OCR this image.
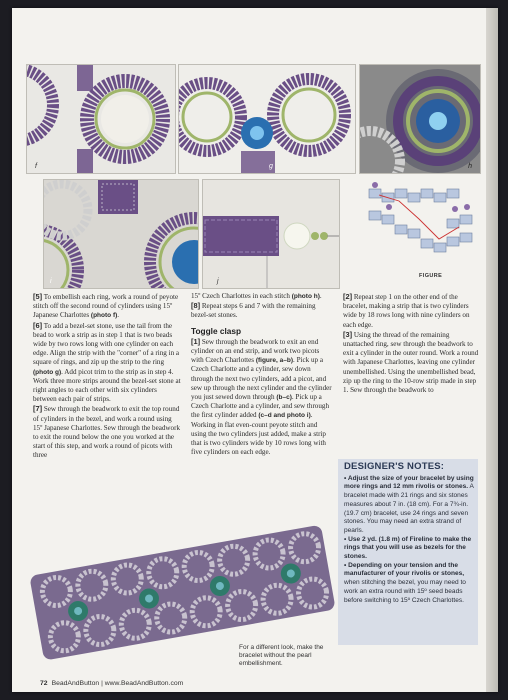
f	g	h
i	j
FIGURE

[5] To embellish each ring, work a round of peyote stitch off the second round of cylinders using 15º Japanese Charlottes (photo f).

[6] To add a bezel-set stone, use the tail from the bead to work a strip as in step 1 that is two beads wide by two rows long with one cylinder on each edge. Align the strip with the "corner" of a ring in a square of rings, and zip up the strip to the ring (photo g). Add picot trim to the strip as in step 4. Work three more strips around the bezel-set stone at right angles to each other with six cylinders between each pair of strips.

[7] Sew through the beadwork to exit the top round of cylinders in the bezel, and work a round using 15º Japanese Charlottes. Sew through the beadwork to exit the round below the one you worked at the start of this step, and work a round of picots with three

15º Czech Charlottes in each stitch (photo h).

[8] Repeat steps 6 and 7 with the remaining bezel-set stones.

Toggle clasp

[1] Sew through the beadwork to exit an end cylinder on an end strip, and work two picots with Czech Charlottes (figure, a–b). Pick up a Czech Charlotte and a cylinder, sew down through the next two cylinders, add a picot, and sew up through the next cylinder and the cylinder you just sewed down through (b–c). Pick up a Czech Charlotte and a cylinder, and sew through the first cylinder added (c–d and photo i). Working in flat even-count peyote stitch and using the two cylinders just added, make a strip that is two cylinders wide by 10 rows long with five cylinders on each edge.

[2] Repeat step 1 on the other end of the bracelet, making a strip that is two cylinders wide by 18 rows long with nine cylinders on each edge.

[3] Using the thread of the remaining unattached ring, sew through the beadwork to exit a cylinder in the outer round. Work a round with Japanese Charlottes, leaving one cylinder unembellished. Using the unembellished bead, zip up the ring to the 10-row strip made in step 1. Sew through the beadwork to

DESIGNER'S NOTES:
• Adjust the size of your bracelet by using more rings and 12 mm rivolis or stones. A bracelet made with 21 rings and six stones measures about 7 in. (18 cm). For a 7¾-in. (19.7 cm) bracelet, use 24 rings and seven stones. You may need an extra strand of pearls.
• Use 2 yd. (1.8 m) of Fireline to make the rings that you will use as bezels for the stones.
• Depending on your tension and the manufacturer of your rivolis or stones, when stitching the bezel, you may need to work an extra round with 15º seed beads before switching to 15º Czech Charlottes.
For a different look, make the bracelet without the pearl embellishment.
72 BeadAndButton | www.BeadAndButton.com
